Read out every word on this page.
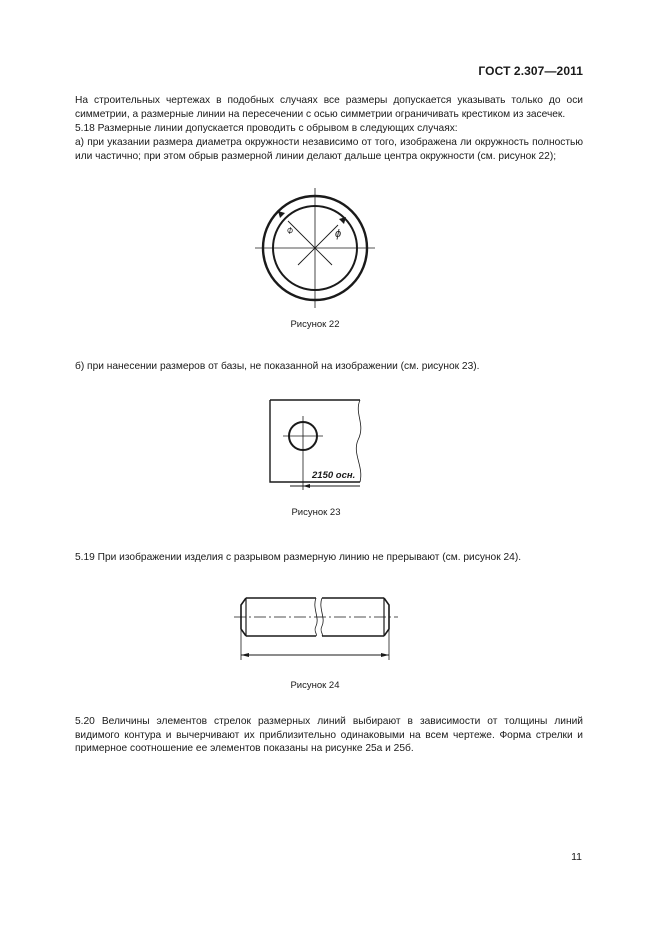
ГОСТ 2.307—2011

На строительных чертежах в подобных случаях все размеры допускается указывать только до оси симметрии, а размерные линии на пересечении с осью симметрии ограничивать крестиком из засечек.

5.18 Размерные линии допускается проводить с обрывом в следующих случаях:

а) при указании размера диаметра окружности независимо от того, изображена ли окружность полностью или частично; при этом обрыв размерной линии делают дальше центра окружности (см. рисунок 22);

⌀	ϕ
Рисунок 22

б) при нанесении размеров от базы, не показанной на изображении (см. рисунок 23).

2150 осн.
Рисунок 23

5.19 При изображении изделия с разрывом размерную линию не прерывают (см. рисунок 24).

Рисунок 24

5.20 Величины элементов стрелок размерных линий выбирают в зависимости от толщины линий видимого контура и вычерчивают их приблизительно одинаковыми на всем чертеже. Форма стрелки и примерное соотношение ее элементов показаны на рисунке 25а и 25б.

11
